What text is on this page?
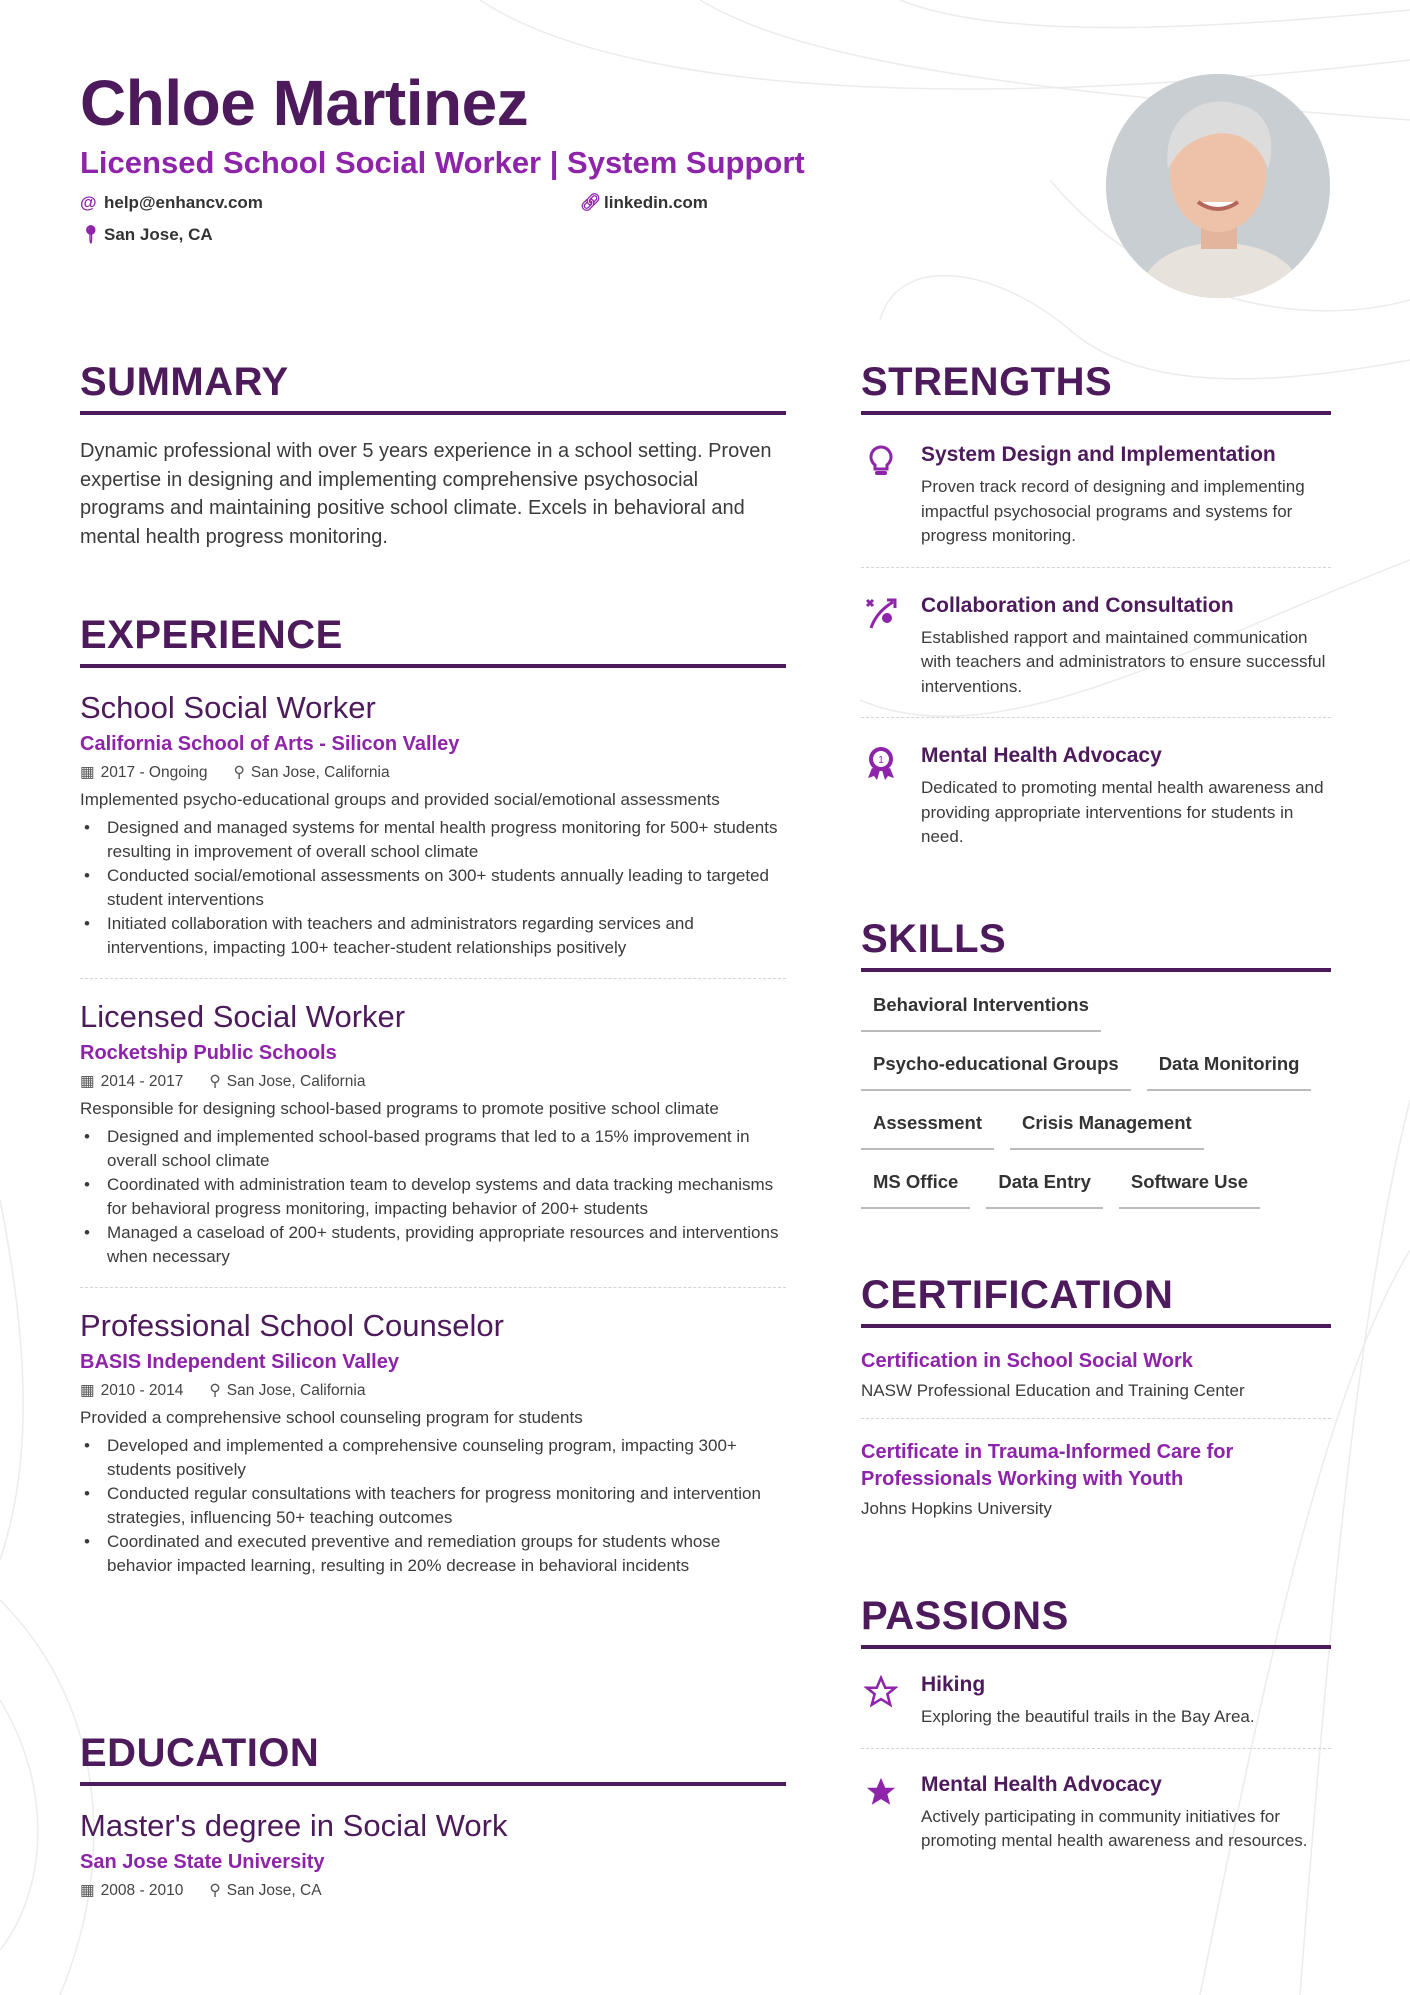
Chloe Martinez
Licensed School Social Worker | System Support
@ help@enhancv.com	🔗︎ linkedin.com
📍︎ San Jose, CA
SUMMARY

Dynamic professional with over 5 years experience in a school setting. Proven expertise in designing and implementing comprehensive psychosocial programs and maintaining positive school climate. Excels in behavioral and mental health progress monitoring.

EXPERIENCE
School Social Worker
California School of Arts - Silicon Valley
▦ 2017 - Ongoing ⚲ San Jose, California
Implemented psycho-educational groups and provided social/emotional assessments
• Designed and managed systems for mental health progress monitoring for 500+ students resulting in improvement of overall school climate
• Conducted social/emotional assessments on 300+ students annually leading to targeted student interventions
• Initiated collaboration with teachers and administrators regarding services and interventions, impacting 100+ teacher-student relationships positively
Licensed Social Worker
Rocketship Public Schools
▦ 2014 - 2017 ⚲ San Jose, California
Responsible for designing school-based programs to promote positive school climate
• Designed and implemented school-based programs that led to a 15% improvement in overall school climate
• Coordinated with administration team to develop systems and data tracking mechanisms for behavioral progress monitoring, impacting behavior of 200+ students
• Managed a caseload of 200+ students, providing appropriate resources and interventions when necessary
Professional School Counselor
BASIS Independent Silicon Valley
▦ 2010 - 2014 ⚲ San Jose, California
Provided a comprehensive school counseling program for students
• Developed and implemented a comprehensive counseling program, impacting 300+ students positively
• Conducted regular consultations with teachers for progress monitoring and intervention strategies, influencing 50+ teaching outcomes
• Coordinated and executed preventive and remediation groups for students whose behavior impacted learning, resulting in 20% decrease in behavioral incidents
EDUCATION
Master's degree in Social Work
San Jose State University
▦ 2008 - 2010 ⚲ San Jose, CA
STRENGTHS
System Design and Implementation
Proven track record of designing and implementing impactful psychosocial programs and systems for progress monitoring.
Collaboration and Consultation
Established rapport and maintained communication with teachers and administrators to ensure successful interventions.
1 Mental Health Advocacy
Dedicated to promoting mental health awareness and providing appropriate interventions for students in need.
SKILLS
Behavioral Interventions
Psycho-educational Groups	Data Monitoring
Assessment	Crisis Management
MS Office	Data Entry	Software Use
CERTIFICATION
Certification in School Social Work
NASW Professional Education and Training Center
Certificate in Trauma-Informed Care for Professionals Working with Youth
Johns Hopkins University
PASSIONS
Hiking
Exploring the beautiful trails in the Bay Area.
Mental Health Advocacy
Actively participating in community initiatives for promoting mental health awareness and resources.
